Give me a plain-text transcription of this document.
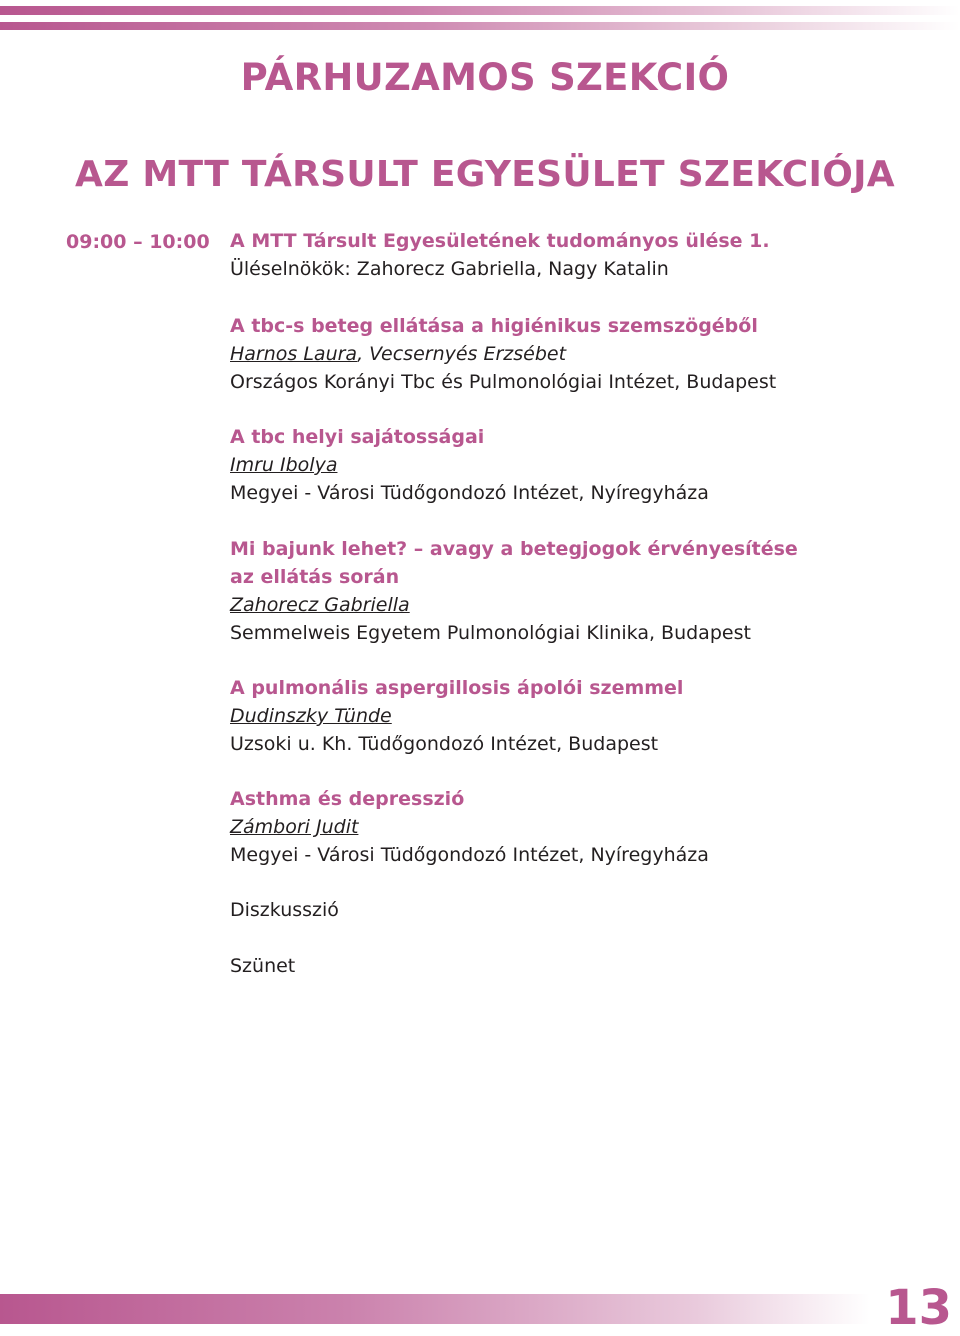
PÁRHUZAMOS SZEKCIÓ
AZ MTT TÁRSULT EGYESÜLET SZEKCIÓJA
09:00 – 10:00 A MTT Társult Egyesületének tudományos ülése 1.
Üléselnökök: Zahorecz Gabriella, Nagy Katalin
A tbc-s beteg ellátása a higiénikus szemszögéből
Harnos Laura, Vecsernyés Erzsébet
Országos Korányi Tbc és Pulmonológiai Intézet, Budapest
A tbc helyi sajátosságai
Imru Ibolya
Megyei - Városi Tüdőgondozó Intézet, Nyíregyháza
Mi bajunk lehet? – avagy a betegjogok érvényesítése
az ellátás során
Zahorecz Gabriella
Semmelweis Egyetem Pulmonológiai Klinika, Budapest
A pulmonális aspergillosis ápolói szemmel
Dudinszky Tünde
Uzsoki u. Kh. Tüdőgondozó Intézet, Budapest
Asthma és depresszió
Zámbori Judit
Megyei - Városi Tüdőgondozó Intézet, Nyíregyháza
Diszkusszió
Szünet
13
